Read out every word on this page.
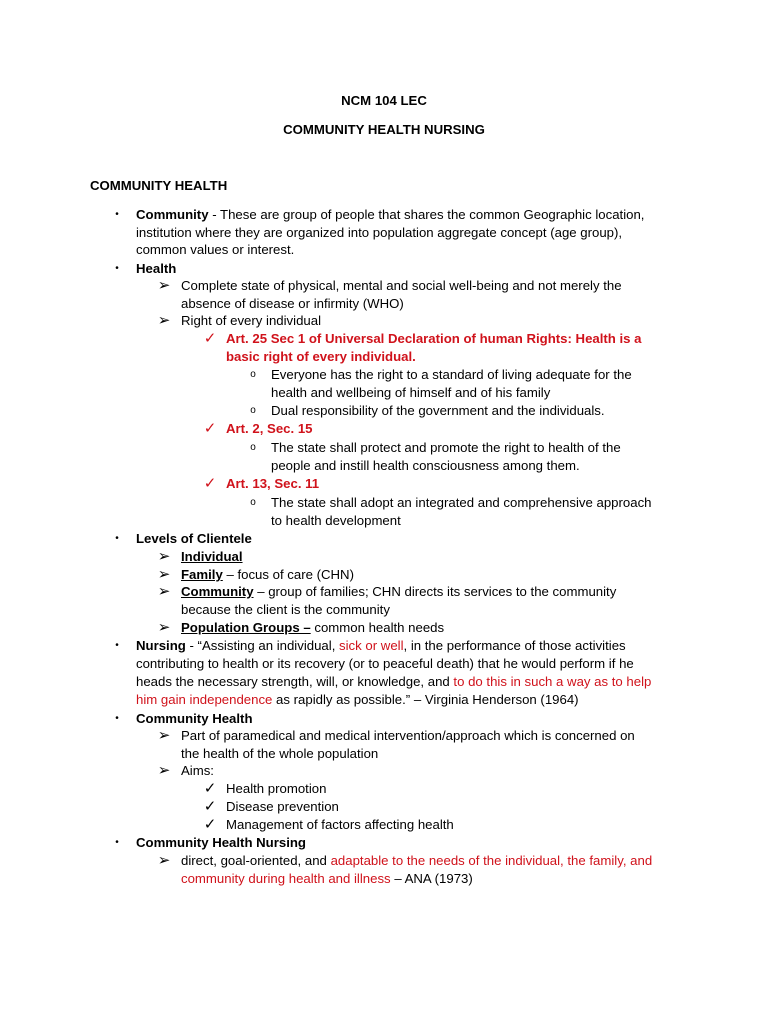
NCM 104 LEC
COMMUNITY HEALTH NURSING
COMMUNITY HEALTH
•	Community - These are group of people that shares the common Geographic location,
institution where they are organized into population aggregate concept (age group),
common values or interest.
•	Health
➢ Complete state of physical, mental and social well-being and not merely the
absence of disease or infirmity (WHO)
➢ Right of every individual
✓ Art. 25 Sec 1 of Universal Declaration of human Rights: Health is a
basic right of every individual.
o	Everyone has the right to a standard of living adequate for the
health and wellbeing of himself and of his family
o	Dual responsibility of the government and the individuals.
✓ Art. 2, Sec. 15
o	The state shall protect and promote the right to health of the
people and instill health consciousness among them.
✓ Art. 13, Sec. 11
o	The state shall adopt an integrated and comprehensive approach
to health development
•	Levels of Clientele
➢ Individual
➢ Family – focus of care (CHN)
➢ Community – group of families; CHN directs its services to the community
because the client is the community
➢ Population Groups – common health needs
•	Nursing - “Assisting an individual, sick or well, in the performance of those activities
contributing to health or its recovery (or to peaceful death) that he would perform if he
heads the necessary strength, will, or knowledge, and to do this in such a way as to help
him gain independence as rapidly as possible.” – Virginia Henderson (1964)
•	Community Health
➢ Part of paramedical and medical intervention/approach which is concerned on
the health of the whole population
➢ Aims:
✓ Health promotion
✓ Disease prevention
✓ Management of factors affecting health
•	Community Health Nursing
➢ direct, goal-oriented, and adaptable to the needs of the individual, the family, and
community during health and illness – ANA (1973)
